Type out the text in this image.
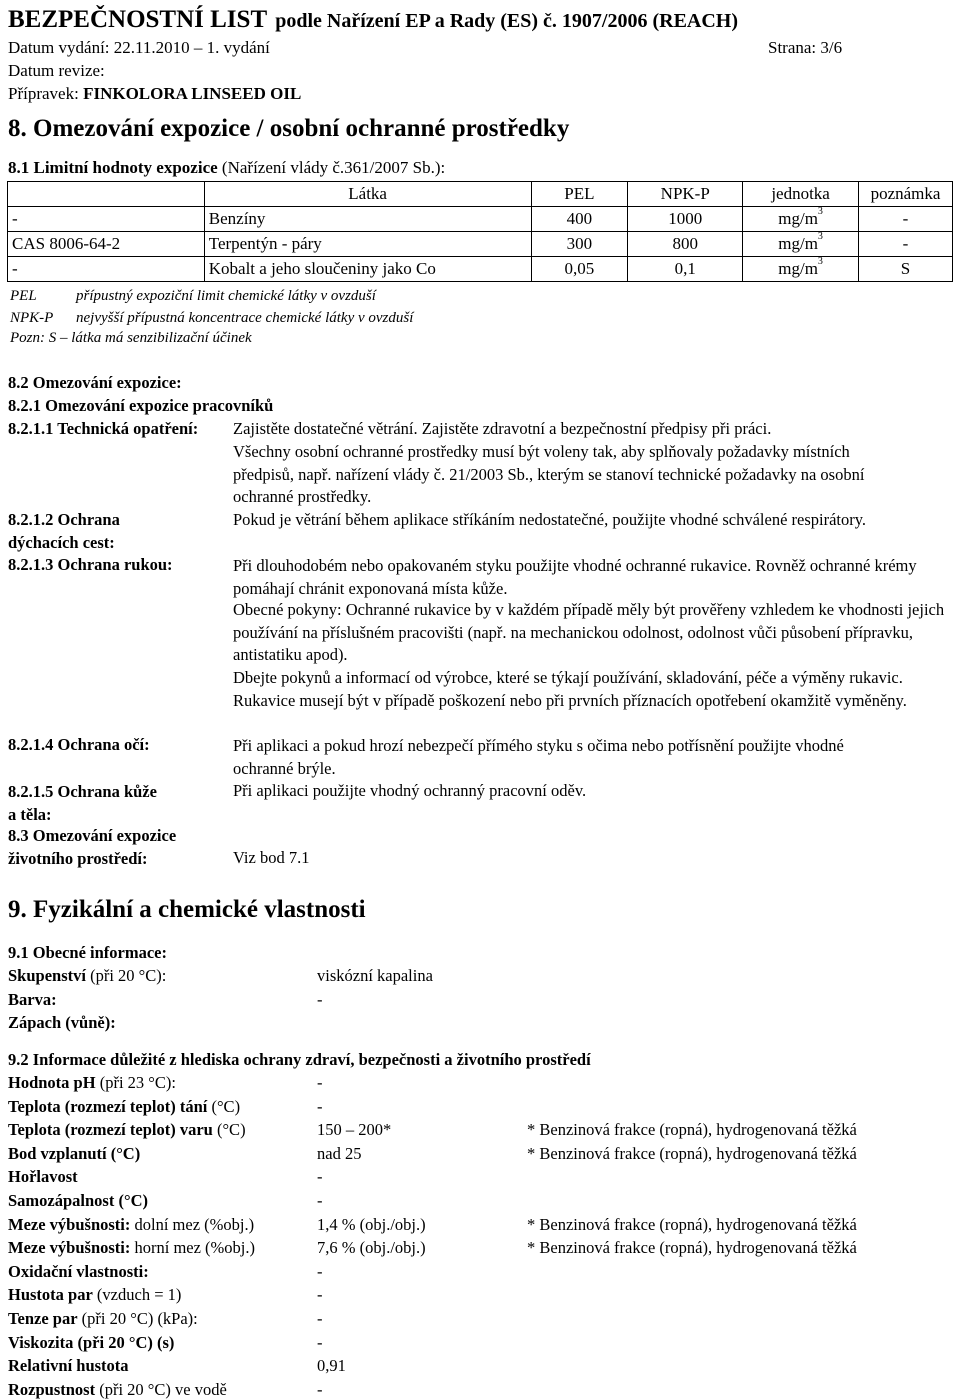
BEZPEČNOSTNÍ LIST podle Nařízení EP a Rady (ES) č. 1907/2006 (REACH)
Datum vydání: 22.11.2010 – 1. vydání	Strana: 3/6
Datum revize:
Přípravek: FINKOLORA LINSEED OIL
8. Omezování expozice / osobní ochranné prostředky
8.1 Limitní hodnoty expozice (Nařízení vlády č.361/2007 Sb.):
	Látka	PEL	NPK-P	jednotka	poznámka
-	Benzíny	400	1000	$mg/m^3$	-
CAS 8006-64-2	Terpentýn - páry	300	800	$mg/m^3$	-
-	Kobalt a jeho sloučeniny jako Co	0,05	0,1	$mg/m^3$	S
PEL	přípustný expoziční limit chemické látky v ovzduší
NPK-P nejvyšší přípustná koncentrace chemické látky v ovzduší
Pozn: S – látka má senzibilizační účinek
8.2 Omezování expozice:
8.2.1 Omezování expozice pracovníků
8.2.1.1 Technická opatření: Zajistěte dostatečné větrání. Zajistěte zdravotní a bezpečnostní předpisy při práci.
Všechny osobní ochranné prostředky musí být voleny tak, aby splňovaly požadavky místních předpisů, např. nařízení vlády č. 21/2003 Sb., kterým se stanoví technické požadavky na osobní ochranné prostředky.
8.2.1.2 Ochrana
dýchacích cest:
Pokud je větrání během aplikace stříkáním nedostatečné, použijte vhodné schválené respirátory.
8.2.1.3 Ochrana rukou:	Při dlouhodobém nebo opakovaném styku použijte vhodné ochranné rukavice. Rovněž ochranné krémy pomáhají chránit exponovaná místa kůže.
Obecné pokyny: Ochranné rukavice by v každém případě měly být prověřeny vzhledem ke vhodnosti jejich používání na příslušném pracovišti (např. na mechanickou odolnost, odolnost vůči působení přípravku, antistatiku apod).
Dbejte pokynů a informací od výrobce, které se týkají používání, skladování, péče a výměny rukavic. Rukavice musejí být v případě poškození nebo při prvních příznacích opotřebení okamžitě vyměněny.
8.2.1.4 Ochrana očí:	Při aplikaci a pokud hrozí nebezpečí přímého styku s očima nebo potřísnění použijte vhodné ochranné brýle.
8.2.1.5 Ochrana kůže
a těla:
Při aplikaci použijte vhodný ochranný pracovní oděv.
8.3 Omezování expozice
životního prostředí:	Viz bod 7.1
9. Fyzikální a chemické vlastnosti
9.1 Obecné informace:
Skupenství (při 20 °C):	viskózní kapalina
Barva:	-
Zápach (vůně):
9.2 Informace důležité z hlediska ochrany zdraví, bezpečnosti a životního prostředí
Hodnota pH (při 23 °C):	-
Teplota (rozmezí teplot) tání (°C)	-
Teplota (rozmezí teplot) varu (°C)	150 – 200*	* Benzinová frakce (ropná), hydrogenovaná těžká
Bod vzplanutí (°C)	nad 25	* Benzinová frakce (ropná), hydrogenovaná těžká
Hořlavost	-
Samozápalnost (°C)	-
Meze výbušnosti: dolní mez (%obj.)	1,4 % (obj./obj.)	* Benzinová frakce (ropná), hydrogenovaná těžká
Meze výbušnosti: horní mez (%obj.)	7,6 % (obj./obj.)	* Benzinová frakce (ropná), hydrogenovaná těžká
Oxidační vlastnosti:	-
Hustota par (vzduch = 1)	-
Tenze par (při 20 °C) (kPa):	-
Viskozita (při 20 °C) (s)	-
Relativní hustota	0,91
Rozpustnost (při 20 °C) ve vodě	-
